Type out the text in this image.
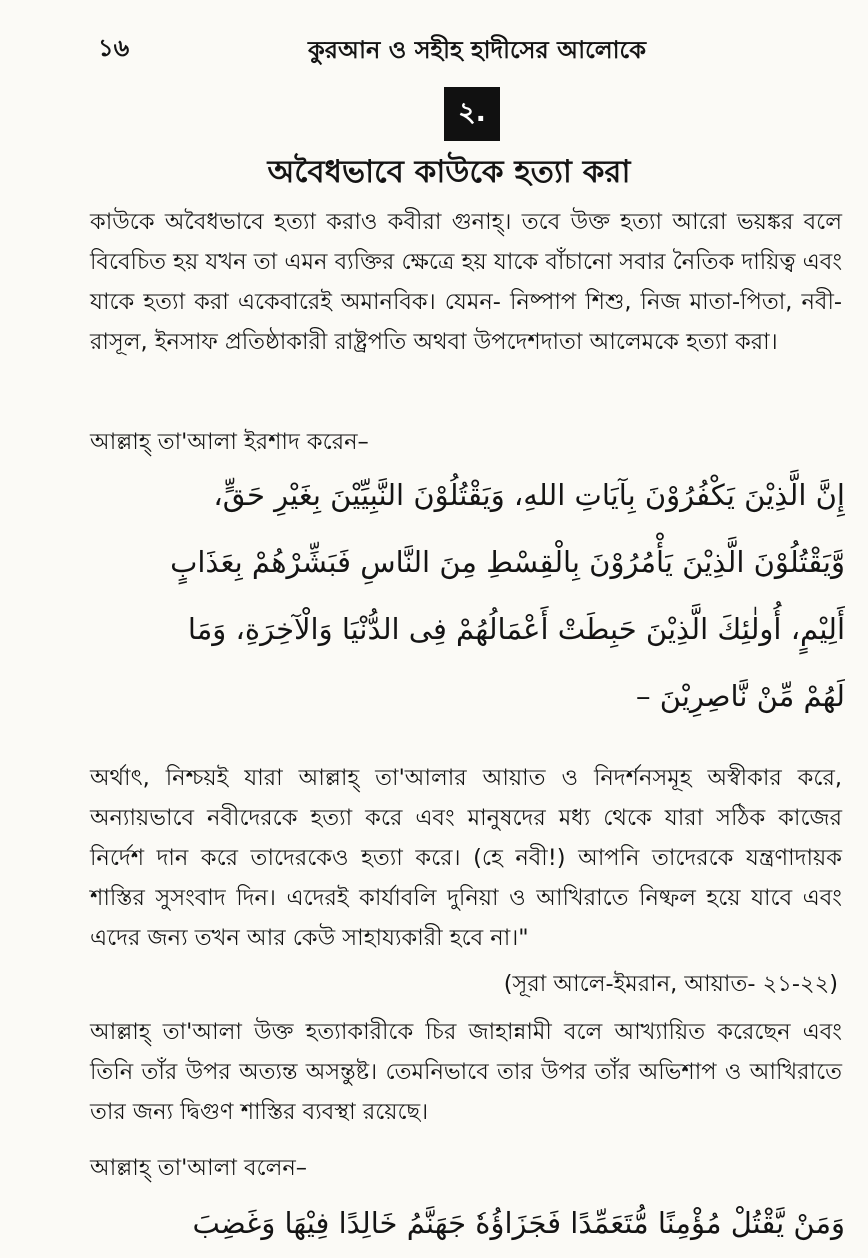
১৬	কুরআন ও সহীহ হাদীসের আলোকে
২.
অবৈধভাবে কাউকে হত্যা করা

কাউকে অবৈধভাবে হত্যা করাও কবীরা গুনাহ্। তবে উক্ত হত্যা আরো ভয়ঙ্কর বলে বিবেচিত হয় যখন তা এমন ব্যক্তির ক্ষেত্রে হয় যাকে বাঁচানো সবার নৈতিক দায়িত্ব এবং যাকে হত্যা করা একেবারেই অমানবিক। যেমন- নিষ্পাপ শিশু, নিজ মাতা-পিতা, নবী-রাসূল, ইনসাফ প্রতিষ্ঠাকারী রাষ্ট্রপতি অথবা উপদেশদাতা আলেমকে হত্যা করা।

আল্লাহ্ তা'আলা ইরশাদ করেন–

إِنَّ الَّذِيْنَ يَكْفُرُوْنَ بِآيَاتِ اللهِ، وَيَقْتُلُوْنَ النَّبِيِّيْنَ بِغَيْرِ حَقٍّ،
وَّيَقْتُلُوْنَ الَّذِيْنَ يَأْمُرُوْنَ بِالْقِسْطِ مِنَ النَّاسِ فَبَشِّرْهُمْ بِعَذَابٍ
أَلِيْمٍ، أُولٰئِكَ الَّذِيْنَ حَبِطَتْ أَعْمَالُهُمْ فِى الدُّنْيَا وَالْآخِرَةِ، وَمَا
لَهُمْ مِّنْ نَّاصِرِيْنَ –

অর্থাৎ, নিশ্চয়ই যারা আল্লাহ্ তা'আলার আয়াত ও নিদর্শনসমূহ অস্বীকার করে, অন্যায়ভাবে নবীদেরকে হত্যা করে এবং মানুষদের মধ্য থেকে যারা সঠিক কাজের নির্দেশ দান করে তাদেরকেও হত্যা করে। (হে নবী!) আপনি তাদেরকে যন্ত্রণাদায়ক শাস্তির সুসংবাদ দিন। এদেরই কার্যাবলি দুনিয়া ও আখিরাতে নিষ্ফল হয়ে যাবে এবং এদের জন্য তখন আর কেউ সাহায্যকারী হবে না।"

(সূরা আলে-ইমরান, আয়াত- ২১-২২)

আল্লাহ্ তা'আলা উক্ত হত্যাকারীকে চির জাহান্নামী বলে আখ্যায়িত করেছেন এবং তিনি তাঁর উপর অত্যন্ত অসন্তুষ্ট। তেমনিভাবে তার উপর তাঁর অভিশাপ ও আখিরাতে তার জন্য দ্বিগুণ শাস্তির ব্যবস্থা রয়েছে।

আল্লাহ্ তা'আলা বলেন–

وَمَنْ يَّقْتُلْ مُؤْمِنًا مُّتَعَمِّدًا فَجَزَاؤُهٗ جَهَنَّمُ خَالِدًا فِيْهَا وَغَضِبَ
